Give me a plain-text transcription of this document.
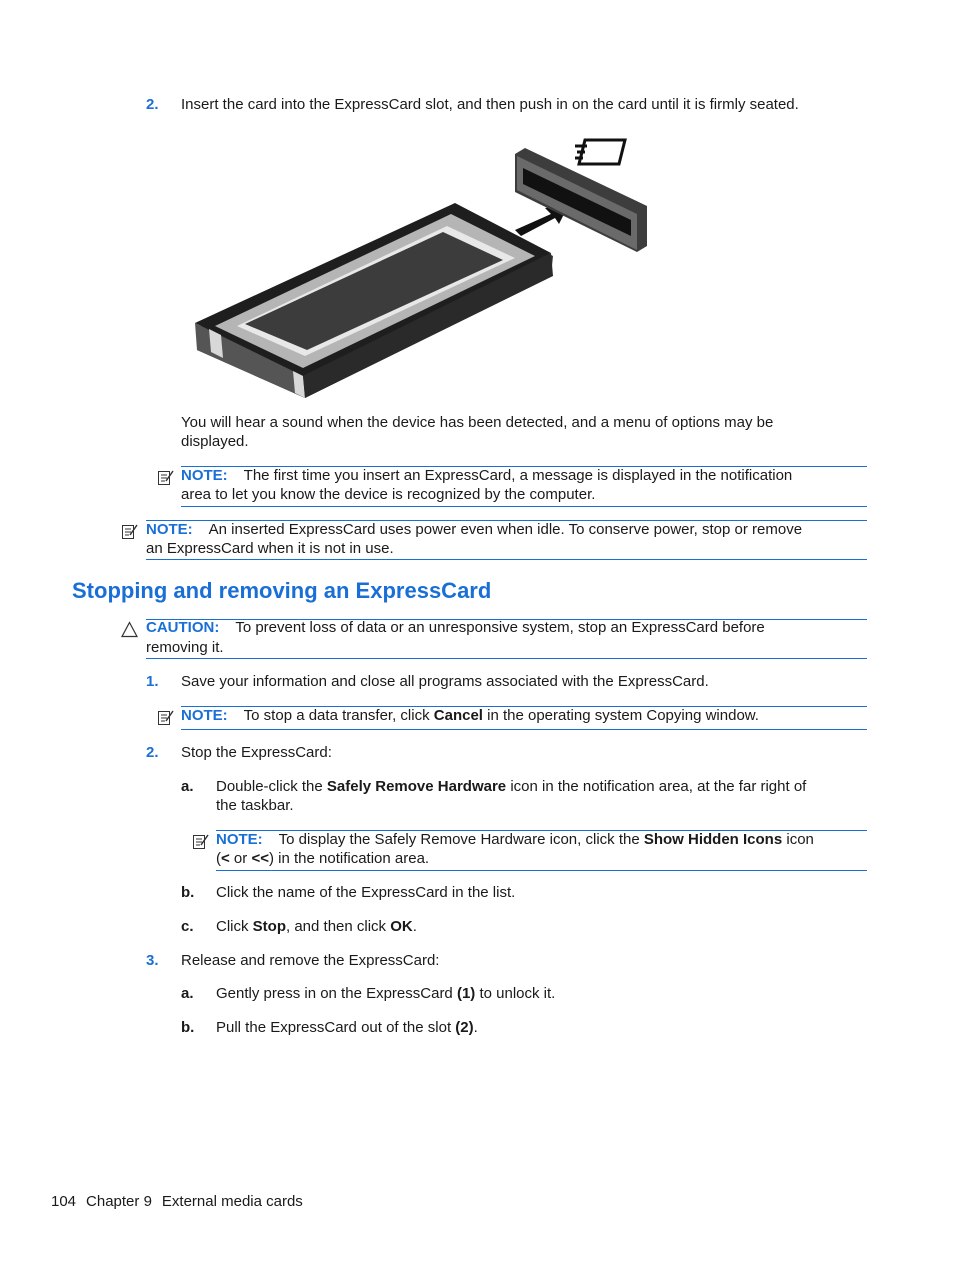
2. Insert the card into the ExpressCard slot, and then push in on the card until it is firmly seated.
You will hear a sound when the device has been detected, and a menu of options may be
displayed.
NOTE: The first time you insert an ExpressCard, a message is displayed in the notification
area to let you know the device is recognized by the computer.
NOTE: An inserted ExpressCard uses power even when idle. To conserve power, stop or remove
an ExpressCard when it is not in use.
Stopping and removing an ExpressCard
CAUTION: To prevent loss of data or an unresponsive system, stop an ExpressCard before
removing it.
1. Save your information and close all programs associated with the ExpressCard.
NOTE: To stop a data transfer, click Cancel in the operating system Copying window.
2. Stop the ExpressCard:
a. Double-click the Safely Remove Hardware icon in the notification area, at the far right of
the taskbar.
NOTE: To display the Safely Remove Hardware icon, click the Show Hidden Icons icon
(< or <<) in the notification area.
b. Click the name of the ExpressCard in the list.
c. Click Stop, and then click OK.
3. Release and remove the ExpressCard:
a. Gently press in on the ExpressCard (1) to unlock it.
b. Pull the ExpressCard out of the slot (2).
104 Chapter 9 External media cards
